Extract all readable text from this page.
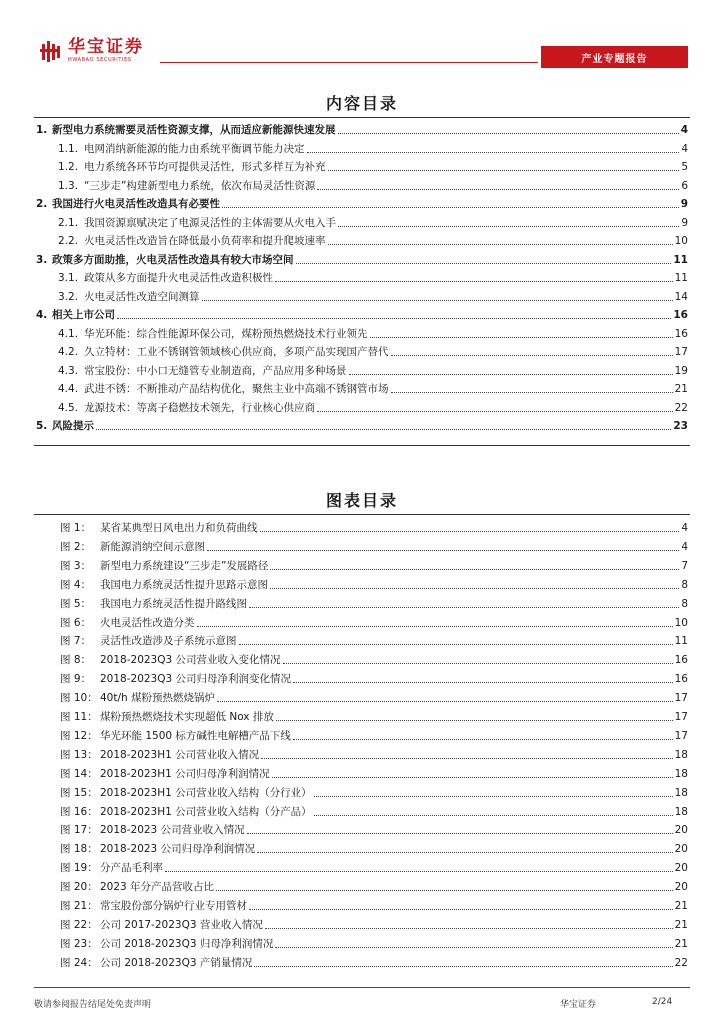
华宝证券
HWABAO SECURITIES	产业专题报告
内容目录
1. 新型电力系统需要灵活性资源支撑，从而适应新能源快速发展	4
1.1. 电网消纳新能源的能力由系统平衡调节能力决定	4
1.2. 电力系统各环节均可提供灵活性，形式多样互为补充	5
1.3. “三步走”构建新型电力系统，依次布局灵活性资源	6
2. 我国进行火电灵活性改造具有必要性	9
2.1. 我国资源禀赋决定了电源灵活性的主体需要从火电入手	9
2.2. 火电灵活性改造旨在降低最小负荷率和提升爬坡速率	10
3. 政策多方面助推，火电灵活性改造具有较大市场空间	11
3.1. 政策从多方面提升火电灵活性改造积极性	11
3.2. 火电灵活性改造空间测算	14
4. 相关上市公司	16
4.1. 华光环能：综合性能源环保公司，煤粉预热燃烧技术行业领先	16
4.2. 久立特材：工业不锈钢管领域核心供应商，多项产品实现国产替代	17
4.3. 常宝股份：中小口无缝管专业制造商，产品应用多种场景	19
4.4. 武进不锈：不断推动产品结构优化，聚焦主业中高端不锈钢管市场	21
4.5. 龙源技术：等离子稳燃技术领先，行业核心供应商	22
5. 风险提示	23
图表目录
图 1： 某省某典型日风电出力和负荷曲线	4
图 2： 新能源消纳空间示意图	4
图 3： 新型电力系统建设“三步走”发展路径	7
图 4： 我国电力系统灵活性提升思路示意图	8
图 5： 我国电力系统灵活性提升路线图	8
图 6： 火电灵活性改造分类	10
图 7： 灵活性改造涉及子系统示意图	11
图 8： 2018-2023Q3 公司营业收入变化情况	16
图 9： 2018-2023Q3 公司归母净利润变化情况	16
图 10： 40t/h 煤粉预热燃烧锅炉	17
图 11： 煤粉预热燃烧技术实现超低 Nox 排放	17
图 12： 华光环能 1500 标方碱性电解槽产品下线	17
图 13： 2018-2023H1 公司营业收入情况	18
图 14： 2018-2023H1 公司归母净利润情况	18
图 15： 2018-2023H1 公司营业收入结构（分行业）	18
图 16： 2018-2023H1 公司营业收入结构（分产品）	18
图 17： 2018-2023 公司营业收入情况	20
图 18： 2018-2023 公司归母净利润情况	20
图 19： 分产品毛利率	20
图 20： 2023 年分产品营收占比	20
图 21： 常宝股份部分锅炉行业专用管材	21
图 22： 公司 2017-2023Q3 营业收入情况	21
图 23： 公司 2018-2023Q3 归母净利润情况	21
图 24： 公司 2018-2023Q3 产销量情况	22
敬请参阅报告结尾处免责声明	华宝证券	2/24
